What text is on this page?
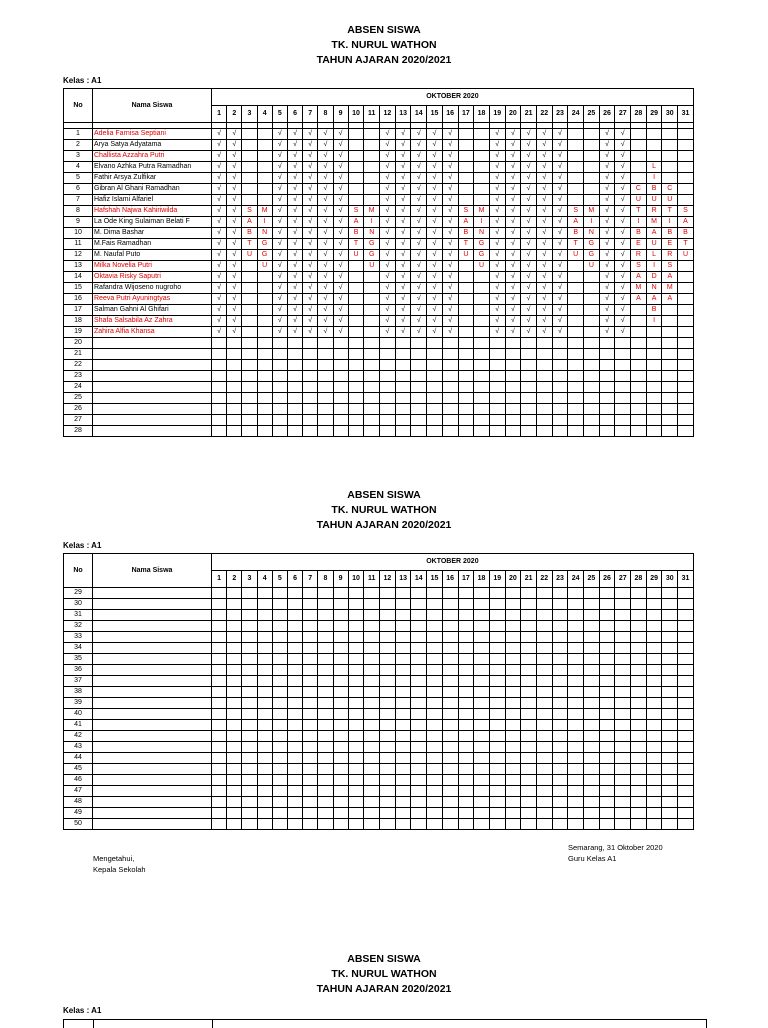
ABSEN SISWA
TK. NURUL WATHON
TAHUN AJARAN 2020/2021
Kelas : A1
No	Nama Siswa	OKTOBER 2020																														
		1	2	3	4	5	6	7	8	9	10	11	12	13	14	15	16	17	18	19	20	21	22	23	24	25	26	27	28	29	30	31

1	Adelia Farnisa Septiani	√	√			√	√	√	√	√			√	√	√	√	√			√	√	√	√	√			√	√				
2	Arya Satya Adyatama	√	√			√	√	√	√	√			√	√	√	√	√			√	√	√	√	√			√	√				
3	Challista Azzahra Putri	√	√			√	√	√	√	√			√	√	√	√	√			√	√	√	√	√			√	√				
4	Elvano Azhka Putra Ramadhan	√	√			√	√	√	√	√			√	√	√	√	√			√	√	√	√	√			√	√		L		
5	Fathir Arsya Zulfikar	√	√			√	√	√	√	√			√	√	√	√	√			√	√	√	√	√			√	√		I		
6	Gibran Al Ghani Ramadhan	√	√			√	√	√	√	√			√	√	√	√	√			√	√	√	√	√			√	√	C	B	C	
7	Hafiz Islami Alfariel	√	√			√	√	√	√	√			√	√	√	√	√			√	√	√	√	√			√	√	U	U	U	
8	Hafshah Najwa Kahiriwilda	√	√	S	M	√	√	√	√	√	S	M	√	√	√	√	√	S	M	√	√	√	√	√	S	M	√	√	T	R	T	S
9	La Ode King Sulaiman Belati F	√	√	A	I	√	√	√	√	√	A	I	√	√	√	√	√	A	I	√	√	√	√	√	A	I	√	√	I	M	I	A
10	M. Dima Bashar	√	√	B	N	√	√	√	√	√	B	N	√	√	√	√	√	B	N	√	√	√	√	√	B	N	√	√	B	A	B	B
11	M.Fais Ramadhan	√	√	T	G	√	√	√	√	√	T	G	√	√	√	√	√	T	G	√	√	√	√	√	T	G	√	√	E	U	E	T
12	M. Naufal Puto	√	√	U	G	√	√	√	√	√	U	G	√	√	√	√	√	U	G	√	√	√	√	√	U	G	√	√	R	L	R	U
13	Milka Novelia Putri	√	√		U	√	√	√	√	√		U	√	√	√	√	√		U	√	√	√	√	√		U	√	√	S	I	S	
14	Oktavia Risky Saputri	√	√			√	√	√	√	√			√	√	√	√	√			√	√	√	√	√			√	√	A	D	A	
15	Rafandra Wijoseno nugroho	√	√			√	√	√	√	√			√	√	√	√	√			√	√	√	√	√			√	√	M	N	M	
16	Reeva Putri Ayuningtyas	√	√			√	√	√	√	√			√	√	√	√	√			√	√	√	√	√			√	√	A	A	A	
17	Salman Gahni Al Ghifari	√	√			√	√	√	√	√			√	√	√	√	√			√	√	√	√	√			√	√		B		
18	Shafa Salsabila Az Zahra	√	√			√	√	√	√	√			√	√	√	√	√			√	√	√	√	√			√	√		I		
19	Zahira Alfia Khansa	√	√			√	√	√	√	√			√	√	√	√	√			√	√	√	√	√			√	√				
20																																
21																																
22																																
23																																
24																																
25																																
26																																
27																																
28																																
ABSEN SISWA
TK. NURUL WATHON
TAHUN AJARAN 2020/2021
Kelas : A1
No	Nama Siswa	OKTOBER 2020																														
		1	2	3	4	5	6	7	8	9	10	11	12	13	14	15	16	17	18	19	20	21	22	23	24	25	26	27	28	29	30	31
29																																
30																																
31																																
32																																
33																																
34																																
35																																
36																																
37																																
38																																
39																																
40																																
41																																
42																																
43																																
44																																
45																																
46																																
47																																
48																																
49																																
50																																
Semarang, 31 Oktober 2020
Guru Kelas A1
Mengetahui,
Kepala Sekolah
ABSEN SISWA
TK. NURUL WATHON
TAHUN AJARAN 2020/2021
Kelas : A1
